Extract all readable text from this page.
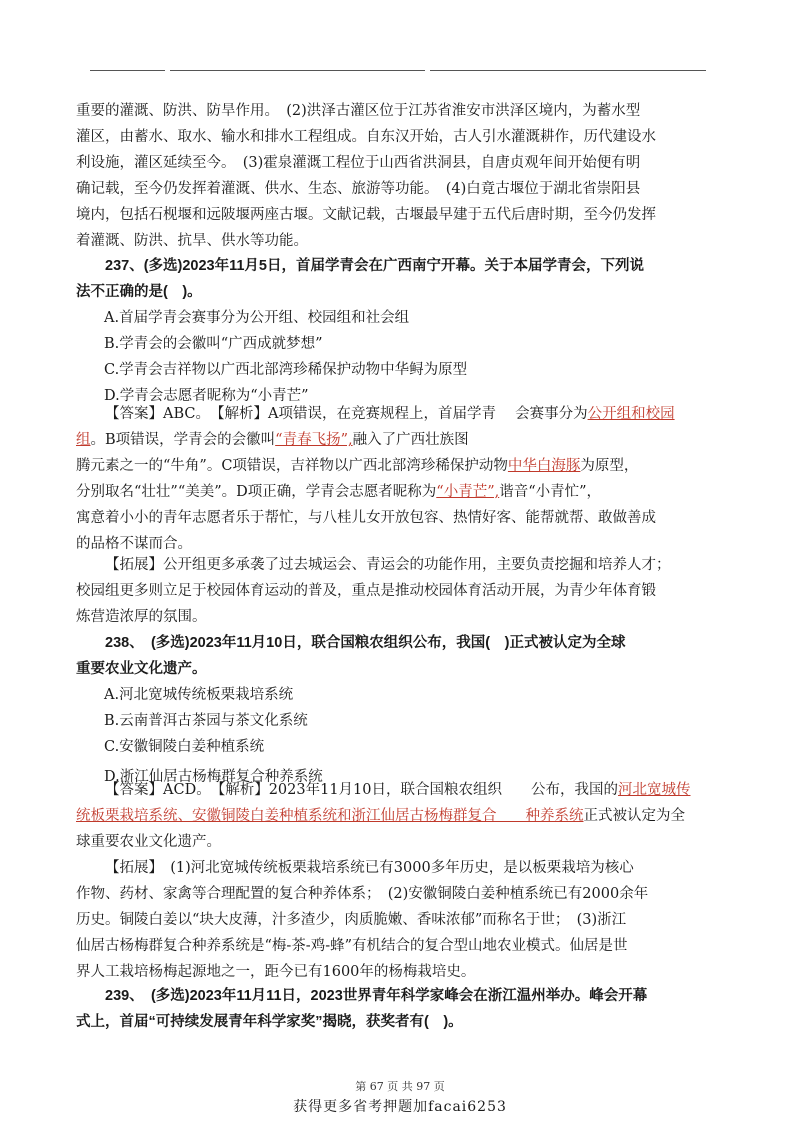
重要的灌溉、防洪、防旱作用。　(2)洪泽古灌区位于江苏省淮安市洪泽区境内，为蓄水型
灌区，由蓄水、取水、输水和排水工程组成。自东汉开始，古人引水灌溉耕作，历代建设水
利设施，灌区延续至今。　(3)霍泉灌溉工程位于山西省洪洞县，自唐贞观年间开始便有明
确记载，至今仍发挥着灌溉、供水、生态、旅游等功能。　(4)白竟古堰位于湖北省崇阳县
境内，包括石枧堰和远陂堰两座古堰。文献记载，古堰最早建于五代后唐时期，至今仍发挥
着灌溉、防洪、抗旱、供水等功能。
237、(多选)2023年11月5日，首届学青会在广西南宁开幕。关于本届学青会，下列说
法不正确的是(　)。
A.首届学青会赛事分为公开组、校园组和社会组
B.学青会的会徽叫“广西成就梦想”
C.学青会吉祥物以广西北部湾珍稀保护动物中华鲟为原型
D.学青会志愿者昵称为“小青芒”
【答案】ABC。　【解析】A项错误，在竞赛规程上，首届学青　 会赛事分为公开组和校园
组。B项错误，学青会的会徽叫“青春飞扬”,融入了广西壮族图
腾元素之一的“牛角”。C项错误，吉祥物以广西北部湾珍稀保护动物中华白海豚为原型，
分别取名“壮壮”“美美”。D项正确，学青会志愿者昵称为“小青芒”,谐音“小青忙”，
寓意着小小的青年志愿者乐于帮忙，与八桂儿女开放包容、热情好客、能帮就帮、敢做善成
的品格不谋而合。
【拓展】公开组更多承袭了过去城运会、青运会的功能作用，主要负责挖掘和培养人才；
校园组更多则立足于校园体育运动的普及，重点是推动校园体育活动开展，为青少年体育锻
炼营造浓厚的氛围。
238、　(多选)2023年11月10日，联合国粮农组织公布，我国(　)正式被认定为全球
重要农业文化遗产。
A.河北宽城传统板栗栽培系统
B.云南普洱古茶园与茶文化系统
C.安徽铜陵白姜种植系统
D.浙江仙居古杨梅群复合种养系统
【答案】ACD。　【解析】2023年11月10日，联合国粮农组织　　公布，我国的河北宽城传
统板栗栽培系统、安徽铜陵白姜种植系统和浙江仙居古杨梅群复合　　种养系统正式被认定为全
球重要农业文化遗产。
【拓展】　(1)河北宽城传统板栗栽培系统已有3000多年历史，是以板栗栽培为核心
作物、药材、家禽等合理配置的复合种养体系；　(2)安徽铜陵白姜种植系统已有2000余年
历史。铜陵白姜以“块大皮薄，汁多渣少，肉质脆嫩、香味浓郁”而称名于世；　(3)浙江
仙居古杨梅群复合种养系统是“梅-茶-鸡-蜂”有机结合的复合型山地农业模式。仙居是世
界人工栽培杨梅起源地之一，距今已有1600年的杨梅栽培史。
239、　(多选)2023年11月11日，2023世界青年科学家峰会在浙江温州举办。峰会开幕
式上，首届“可持续发展青年科学家奖”揭晓，获奖者有(　)。
第 67 页 共 97 页
获得更多省考押题加facai6253
